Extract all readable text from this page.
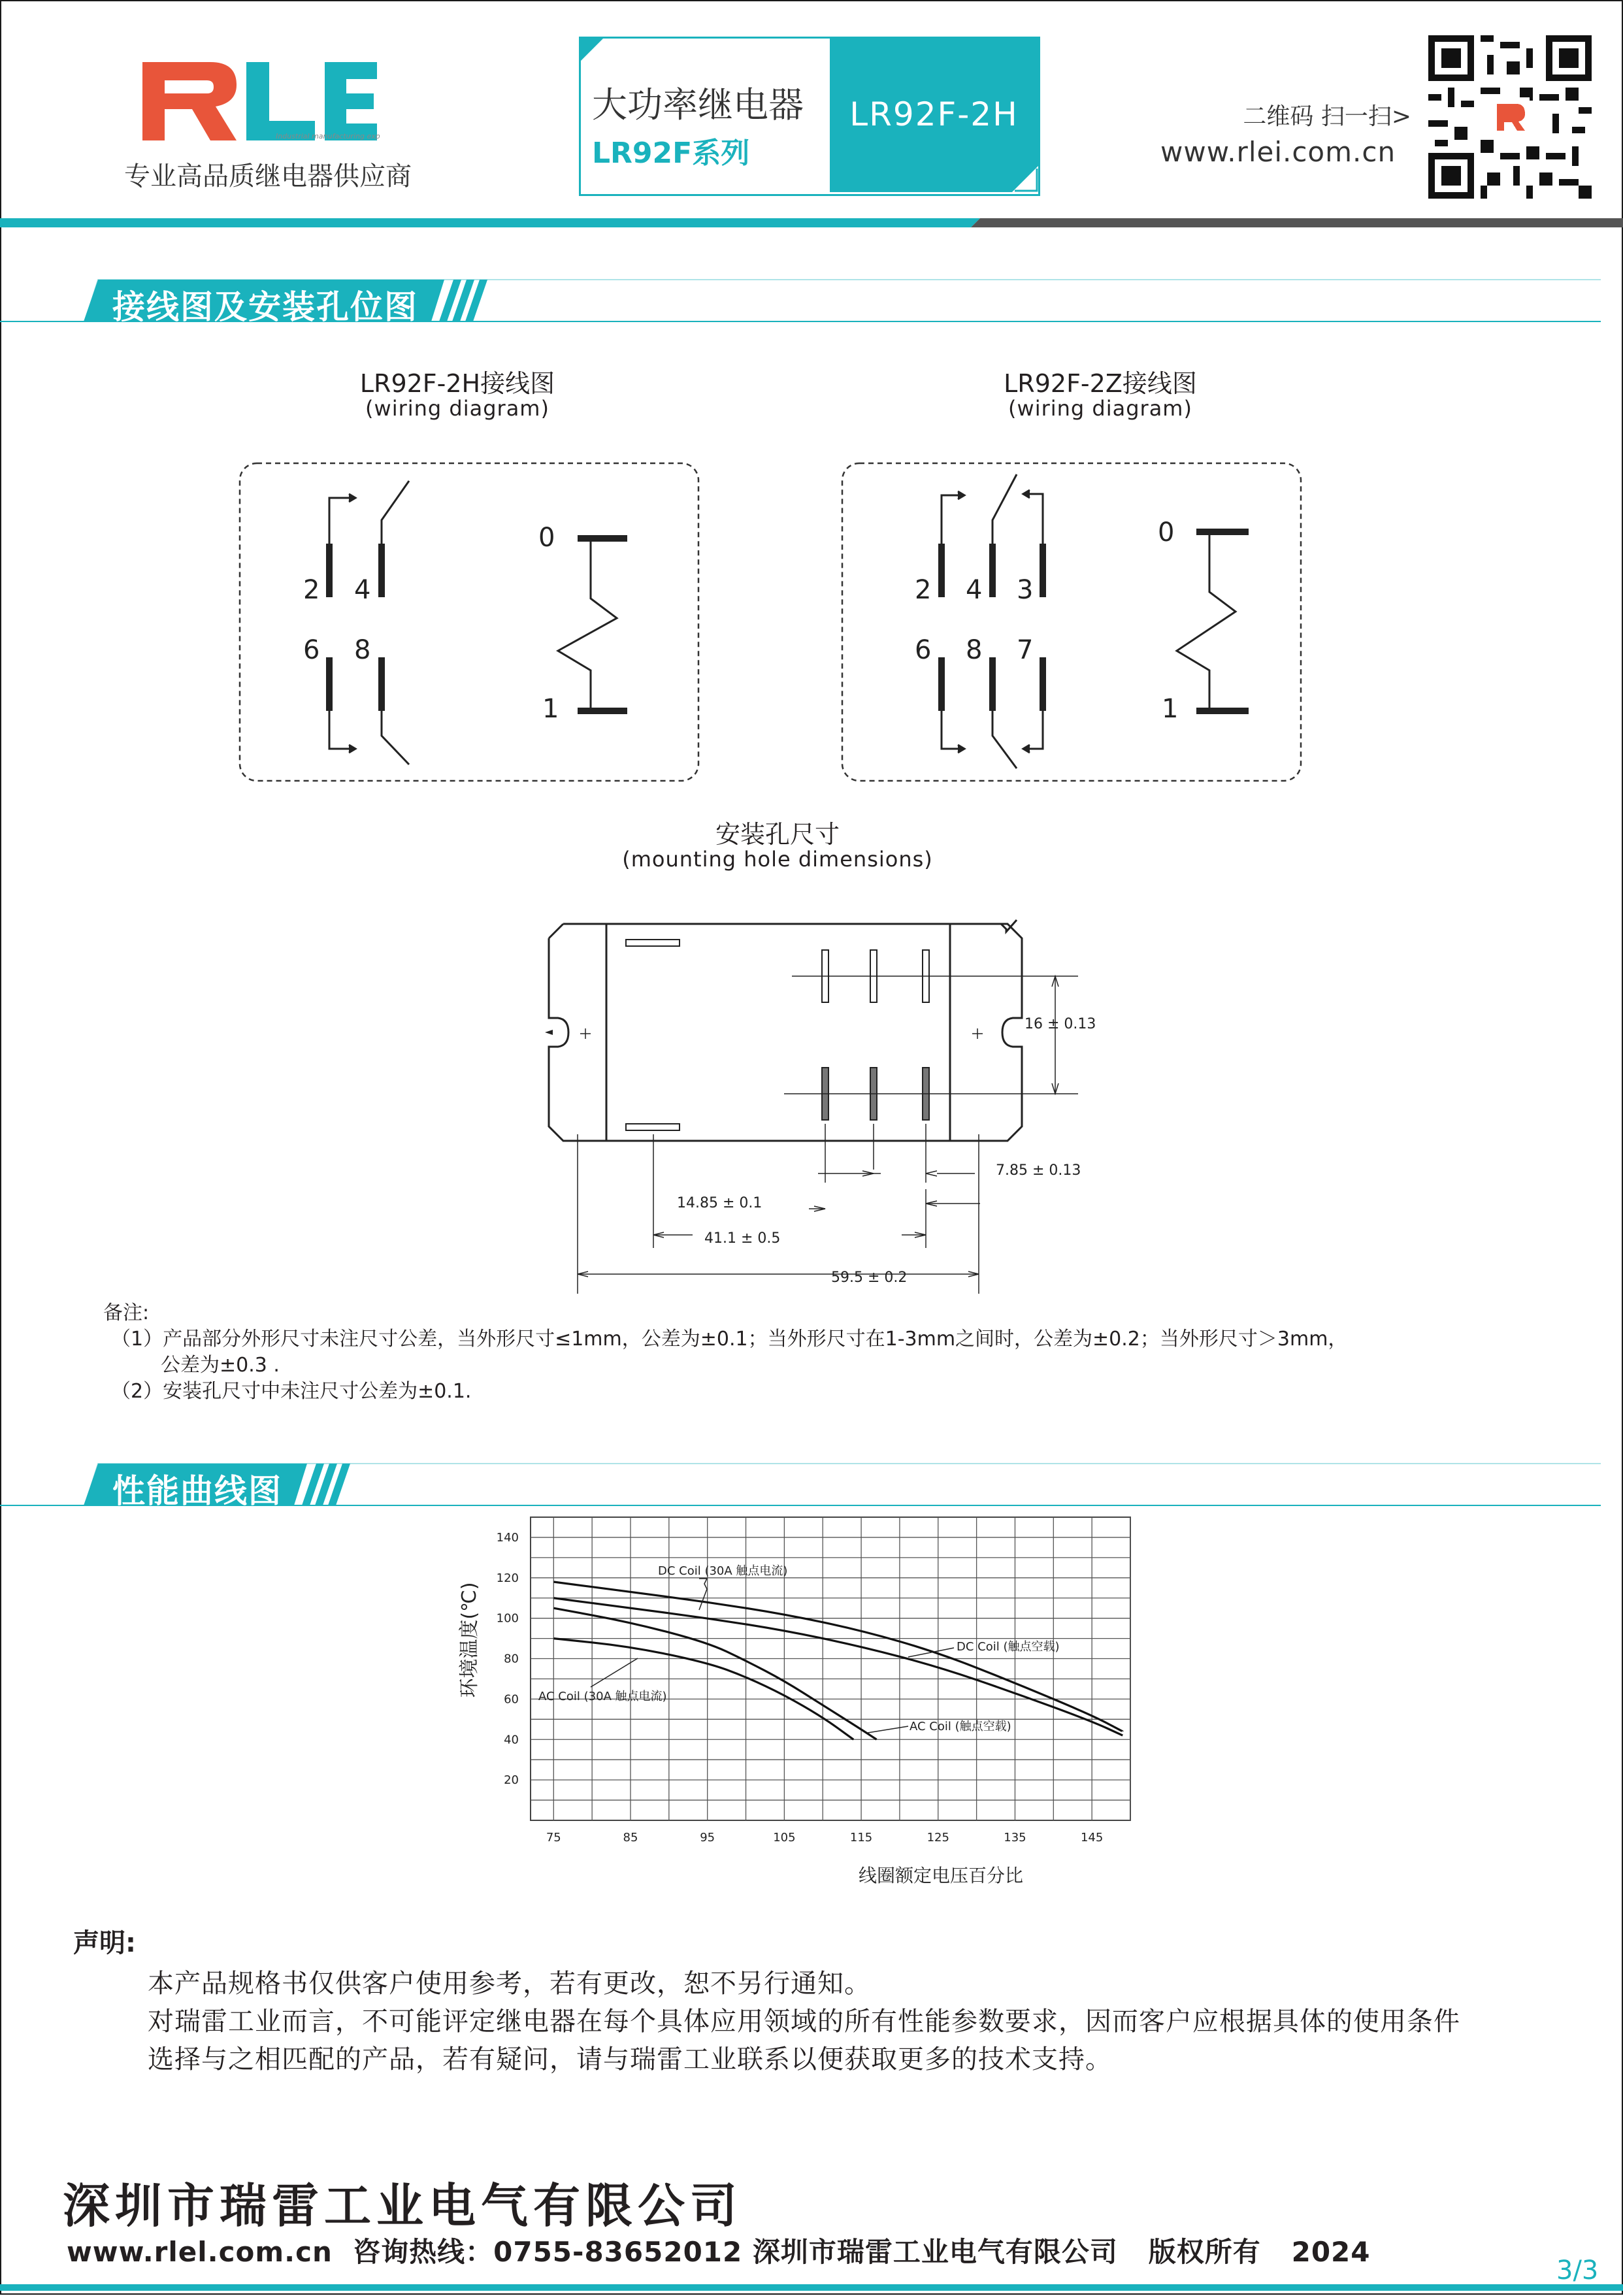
Industrial manufacturing expert
专业高品质继电器供应商
大功率继电器
LR92F系列
LR92F-2H	二维码 扫一扫>
www.rlei.com.cn
接线图及安装孔位图
LR92F-2H接线图
(wiring diagram)
LR92F-2Z接线图
(wiring diagram)
2 4
6 8
0
1
2 4 3
6 8 7
0
1
安装孔尺寸
(mounting hole dimensions)
16 ± 0.13
7.85 ± 0.13
14.85 ± 0.1
41.1 ± 0.5
59.5 ± 0.2
备注:
（1）产品部分外形尺寸未注尺寸公差，当外形尺寸≤1mm，公差为±0.1；当外形尺寸在1-3mm之间时，公差为±0.2；当外形尺寸＞3mm，
公差为±0.3 .
（2）安装孔尺寸中未注尺寸公差为±0.1.
性能曲线图
75	85	95	105	115	125	135	145
20
40
60
80
100
120
140
环境温度(℃)
线圈额定电压百分比
DC Coil (30A 触点电流)
DC Coil (触点空载)
AC Coil (30A 触点电流)
AC Coil (触点空载)
声明:
本产品规格书仅供客户使用参考，若有更改，恕不另行通知。
对瑞雷工业而言，不可能评定继电器在每个具体应用领域的所有性能参数要求，因而客户应根据具体的使用条件
选择与之相匹配的产品，若有疑问，请与瑞雷工业联系以便获取更多的技术支持。
深圳市瑞雷工业电气有限公司
www.rlel.com.cn  咨询热线：0755-83652012 深圳市瑞雷工业电气有限公司   版权所有   2024
3/3
